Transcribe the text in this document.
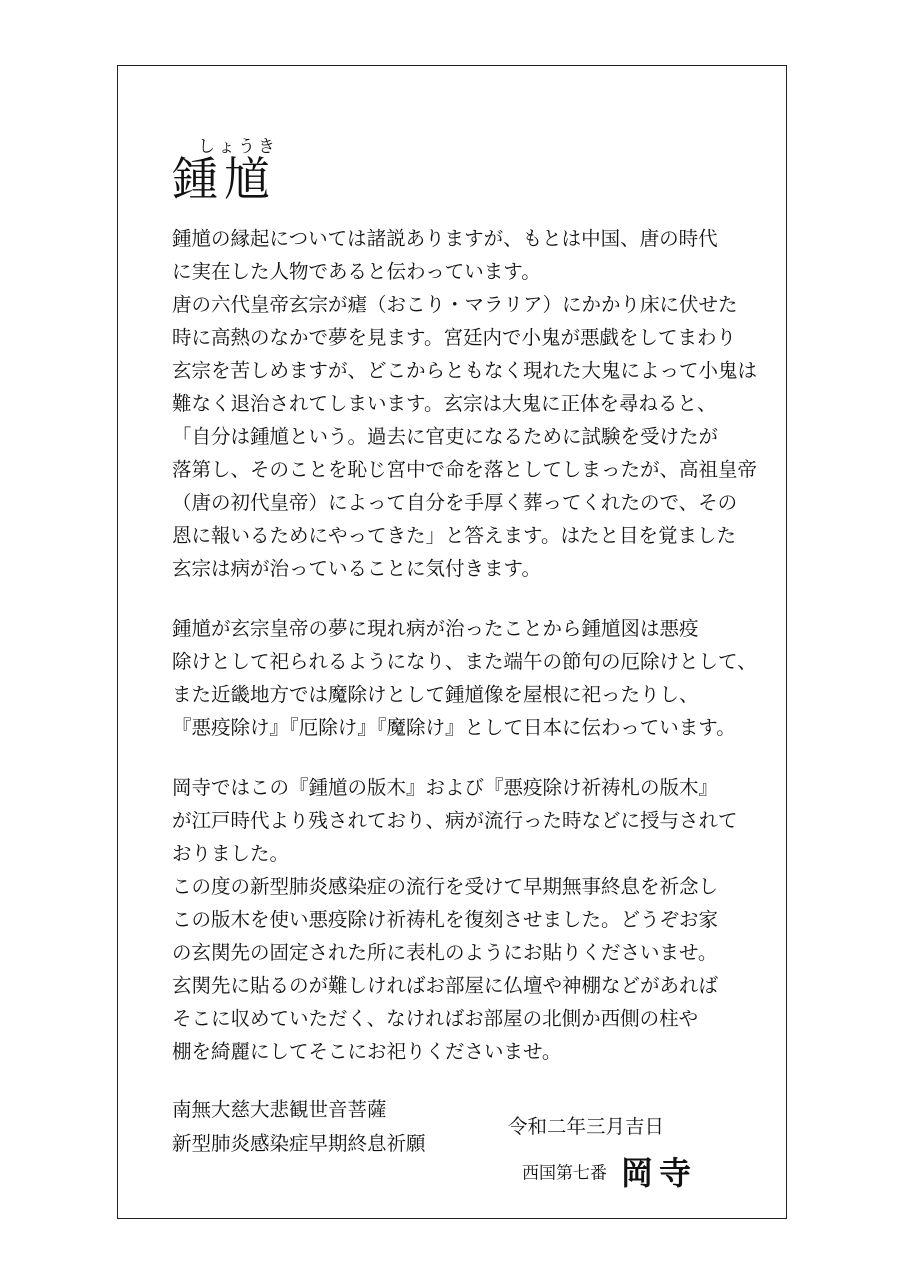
しょうき
鍾馗
鍾馗の縁起については諸説ありますが、もとは中国、唐の時代
に実在した人物であると伝わっています。
唐の六代皇帝玄宗が瘧（おこり・マラリア）にかかり床に伏せた
時に高熱のなかで夢を見ます。宮廷内で小鬼が悪戯をしてまわり
玄宗を苦しめますが、どこからともなく現れた大鬼によって小鬼は
難なく退治されてしまいます。玄宗は大鬼に正体を尋ねると、
「自分は鍾馗という。過去に官吏になるために試験を受けたが
落第し、そのことを恥じ宮中で命を落としてしまったが、高祖皇帝
（唐の初代皇帝）によって自分を手厚く葬ってくれたので、その
恩に報いるためにやってきた」と答えます。はたと目を覚ました
玄宗は病が治っていることに気付きます。
鍾馗が玄宗皇帝の夢に現れ病が治ったことから鍾馗図は悪疫
除けとして祀られるようになり、また端午の節句の厄除けとして、
また近畿地方では魔除けとして鍾馗像を屋根に祀ったりし、
『悪疫除け』『厄除け』『魔除け』として日本に伝わっています。
岡寺ではこの『鍾馗の版木』および『悪疫除け祈祷札の版木』
が江戸時代より残されており、病が流行った時などに授与されて
おりました。
この度の新型肺炎感染症の流行を受けて早期無事終息を祈念し
この版木を使い悪疫除け祈祷札を復刻させました。どうぞお家
の玄関先の固定された所に表札のようにお貼りくださいませ。
玄関先に貼るのが難しければお部屋に仏壇や神棚などがあれば
そこに収めていただく、なければお部屋の北側か西側の柱や
棚を綺麗にしてそこにお祀りくださいませ。
南無大慈大悲観世音菩薩
新型肺炎感染症早期終息祈願
令和二年三月吉日
西国第七番 岡寺
